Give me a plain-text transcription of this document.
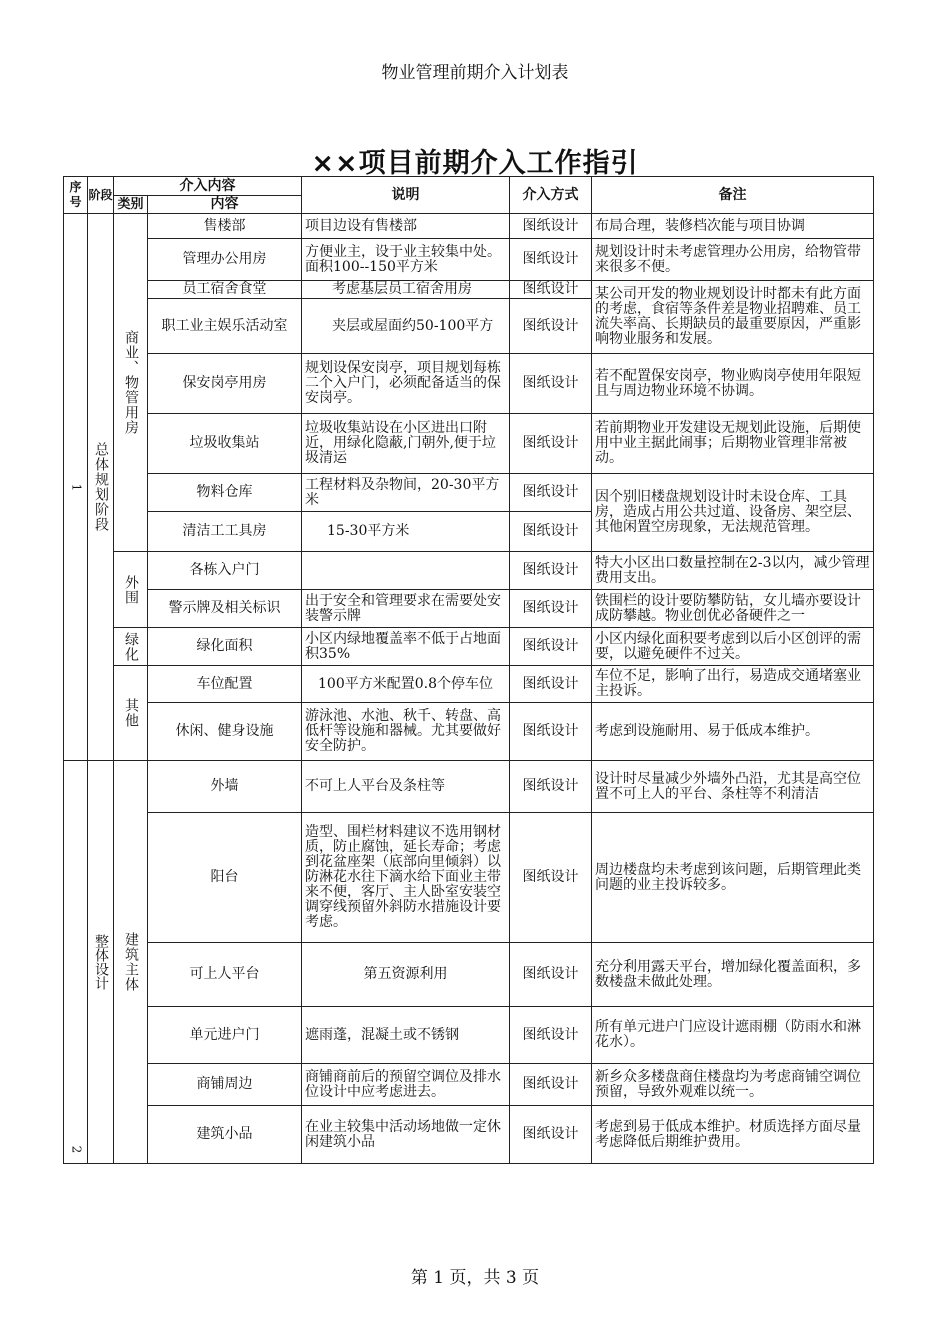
物业管理前期介入计划表
××项目前期介入工作指引
序号	阶段	介入内容		说明	介入方式	备注
		类别	内容			
1	总体规划阶段	商业、物管用房	售楼部	项目边设有售楼部	图纸设计	布局合理，装修档次能与项目协调
			管理办公用房	方便业主，设于业主较集中处。面积100--150平方米	图纸设计	规划设计时未考虑管理办公用房，给物管带来很多不便。
			员工宿舍食堂	考虑基层员工宿舍用房	图纸设计	某公司开发的物业规划设计时都未有此方面的考虑，食宿等条件差是物业招聘难、员工流失率高、长期缺员的最重要原因，严重影响物业服务和发展。
			职工业主娱乐活动室	夹层或屋面约50-100平方	图纸设计	
			保安岗亭用房	规划设保安岗亭，项目规划每栋二个入户门，必须配备适当的保安岗亭。	图纸设计	若不配置保安岗亭，物业购岗亭使用年限短且与周边物业环境不协调。
			垃圾收集站	垃圾收集站设在小区进出口附近，用绿化隐蔽,门朝外,便于垃圾清运	图纸设计	若前期物业开发建设无规划此设施，后期使用中业主据此闹事；后期物业管理非常被动。
			物料仓库	工程材料及杂物间，20-30平方米	图纸设计	因个别旧楼盘规划设计时未设仓库、工具房，造成占用公共过道、设备房、架空层、其他闲置空房现象，无法规范管理。
			清洁工工具房	15-30平方米	图纸设计	
		外围	各栋入户门		图纸设计	特大小区出口数量控制在2-3以内，减少管理费用支出。
			警示牌及相关标识	出于安全和管理要求在需要处安装警示牌	图纸设计	铁围栏的设计要防攀防钻，女儿墙亦要设计成防攀越。物业创优必备硬件之一
		绿化	绿化面积	小区内绿地覆盖率不低于占地面积35%	图纸设计	小区内绿化面积要考虑到以后小区创评的需要，以避免硬件不过关。
		其他	车位配置	100平方米配置0.8个停车位	图纸设计	车位不足，影响了出行，易造成交通堵塞业主投诉。
			休闲、健身设施	游泳池、水池、秋千、转盘、高低杆等设施和器械。尤其要做好安全防护。	图纸设计	考虑到设施耐用、易于低成本维护。
2	整体设计	建筑主体	外墙	不可上人平台及条柱等	图纸设计	设计时尽量减少外墙外凸沿，尤其是高空位置不可上人的平台、条柱等不利清洁
			阳台	造型、围栏材料建议不选用钢材质，防止腐蚀，延长寿命；考虑到花盆座架（底部向里倾斜）以防淋花水往下滴水给下面业主带来不便，客厅、主人卧室安装空调穿线预留外斜防水措施设计要考虑。	图纸设计	周边楼盘均未考虑到该问题，后期管理此类问题的业主投诉较多。
			可上人平台	第五资源利用	图纸设计	充分利用露天平台，增加绿化覆盖面积，多数楼盘未做此处理。
			单元进户门	遮雨蓬，混凝土或不锈钢	图纸设计	所有单元进户门应设计遮雨棚（防雨水和淋花水）。
			商铺周边	商铺商前后的预留空调位及排水位设计中应考虑进去。	图纸设计	新乡众多楼盘商住楼盘均为考虑商铺空调位预留，导致外观难以统一。
			建筑小品	在业主较集中活动场地做一定休闲建筑小品	图纸设计	考虑到易于低成本维护。材质选择方面尽量考虑降低后期维护费用。
第 1 页，共 3 页
